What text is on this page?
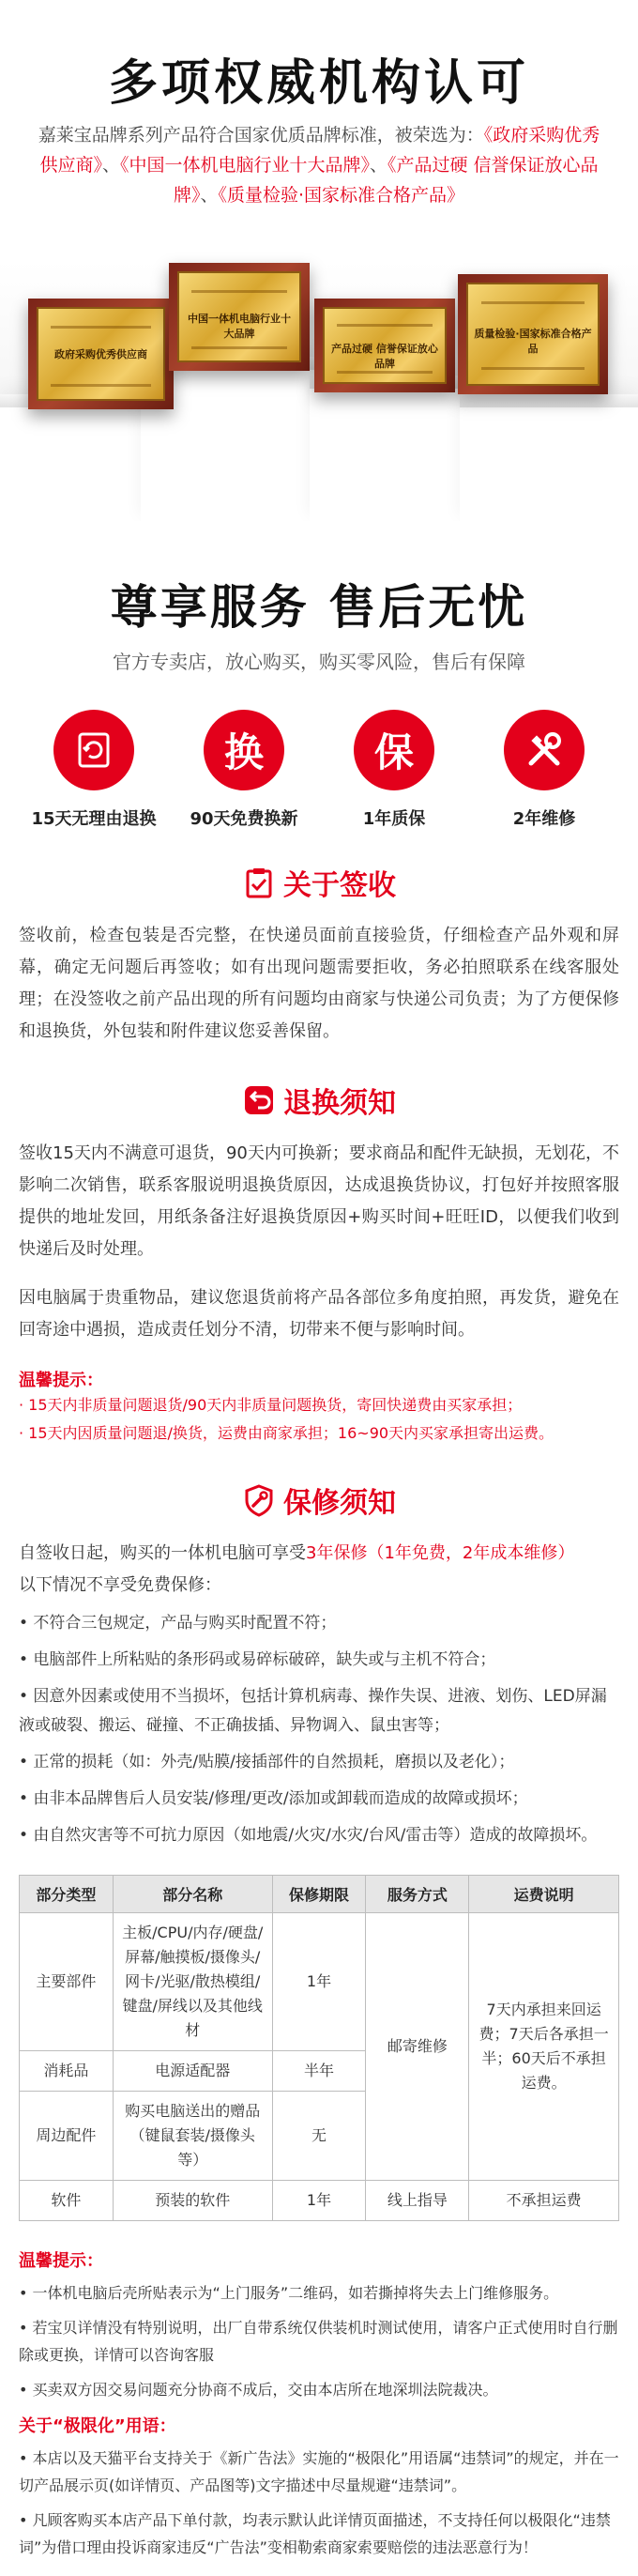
多项权威机构认可

嘉莱宝品牌系列产品符合国家优质品牌标准，被荣选为：《政府采购优秀供应商》、《中国一体机电脑行业十大品牌》、《产品过硬 信誉保证放心品牌》、《质量检验·国家标准合格产品》

政府采购优秀供应商
中国一体机电脑行业十大品牌
产品过硬 信誉保证放心品牌
质量检验·国家标准合格产品
尊享服务 售后无忧

官方专卖店，放心购买，购买零风险，售后有保障

15天无理由退换
换
90天免费换新
保
1年质保	2年维修
关于签收

签收前，检查包装是否完整，在快递员面前直接验货，仔细检查产品外观和屏幕，确定无问题后再签收；如有出现问题需要拒收，务必拍照联系在线客服处理；在没签收之前产品出现的所有问题均由商家与快递公司负责；为了方便保修和退换货，外包装和附件建议您妥善保留。

退换须知

签收15天内不满意可退货，90天内可换新；要求商品和配件无缺损，无划花，不影响二次销售，联系客服说明退换货原因，达成退换货协议，打包好并按照客服提供的地址发回，用纸条备注好退换货原因+购买时间+旺旺ID，以便我们收到快递后及时处理。

因电脑属于贵重物品，建议您退货前将产品各部位多角度拍照，再发货，避免在回寄途中遇损，造成责任划分不清，切带来不便与影响时间。

温馨提示：

· 15天内非质量问题退货/90天内非质量问题换货，寄回快递费由买家承担；

· 15天内因质量问题退/换货，运费由商家承担；16~90天内买家承担寄出运费。

保修须知

自签收日起，购买的一体机电脑可享受3年保修（1年免费，2年成本维修）
以下情况不享受免费保修：

• 不符合三包规定，产品与购买时配置不符；

• 电脑部件上所粘贴的条形码或易碎标破碎，缺失或与主机不符合；

• 因意外因素或使用不当损坏，包括计算机病毒、操作失误、进液、划伤、LED屏漏液或破裂、搬运、碰撞、不正确拔插、异物调入、鼠虫害等；

• 正常的损耗（如：外壳/贴膜/接插部件的自然损耗，磨损以及老化）；

• 由非本品牌售后人员安装/修理/更改/添加或卸载而造成的故障或损坏；

• 由自然灾害等不可抗力原因（如地震/火灾/水灾/台风/雷击等）造成的故障损坏。

部分类型	部分名称	保修期限	服务方式	运费说明
主要部件	主板/CPU/内存/硬盘/屏幕/触摸板/摄像头/网卡/光驱/散热模组/键盘/屏线以及其他线材	1年	邮寄维修	7天内承担来回运费；7天后各承担一半；60天后不承担运费。
消耗品	电源适配器	半年		
周边配件	购买电脑送出的赠品（键鼠套装/摄像头等）	无		
软件	预装的软件	1年	线上指导	不承担运费

温馨提示：

• 一体机电脑后壳所贴表示为“上门服务”二维码，如若撕掉将失去上门维修服务。

• 若宝贝详情没有特别说明，出厂自带系统仅供装机时测试使用，请客户正式使用时自行删除或更换，详情可以咨询客服

• 买卖双方因交易问题充分协商不成后，交由本店所在地深圳法院裁决。

关于“极限化”用语：

• 本店以及天猫平台支持关于《新广告法》实施的“极限化”用语属“违禁词”的规定，并在一切产品展示页(如详情页、产品图等)文字描述中尽量规避“违禁词”。

• 凡顾客购买本店产品下单付款，均表示默认此详情页面描述，不支持任何以极限化“违禁词”为借口理由投诉商家违反“广告法”变相勒索商家索要赔偿的违法恶意行为！
